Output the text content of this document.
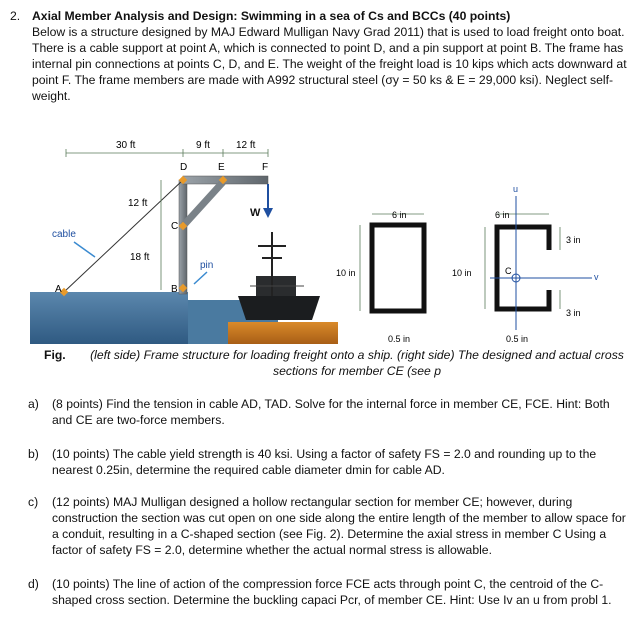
2. Axial Member Analysis and Design: Swimming in a sea of Cs and BCCs (40 points)
Below is a structure designed by MAJ Edward Mulligan Navy Grad 2011) that is used to load freight onto boat. There is a cable support at point A, which is connected to point D, and a pin support at point B. The frame has internal pin connections at points C, D, and E. The weight of the freight load is 10 kips which acts downward at point F. The frame members are made with A992 structural steel (σy = 50 ks & E = 29,000 ksi). Neglect self-weight.
W
30 ft	9 ft	12 ft
12 ft
18 ft
D	E	F
C
B
A
cable
pin
6 in
10 in
0.5 in
u
v
C
6 in
10 in
3 in
3 in
0.5 in
Fig.	(left side) Frame structure for loading freight onto a ship. (right side) The designed and actual cross sections for member CE (see p
a) (8 points) Find the tension in cable AD, TAD. Solve for the internal force in member CE, FCE. Hint: Both and CE are two-force members.
b) (10 points) The cable yield strength is 40 ksi. Using a factor of safety FS = 2.0 and rounding up to the nearest 0.25in, determine the required cable diameter dmin for cable AD.
c) (12 points) MAJ Mulligan designed a hollow rectangular section for member CE; however, during construction the section was cut open on one side along the entire length of the member to allow space for a conduit, resulting in a C-shaped section (see Fig. 2). Determine the axial stress in member C Using a factor of safety FS = 2.0, determine whether the actual normal stress is allowable.
d) (10 points) The line of action of the compression force FCE acts through point C, the centroid of the C-shaped cross section. Determine the buckling capaci Pcr, of member CE. Hint: Use Iv an u from probl 1.
